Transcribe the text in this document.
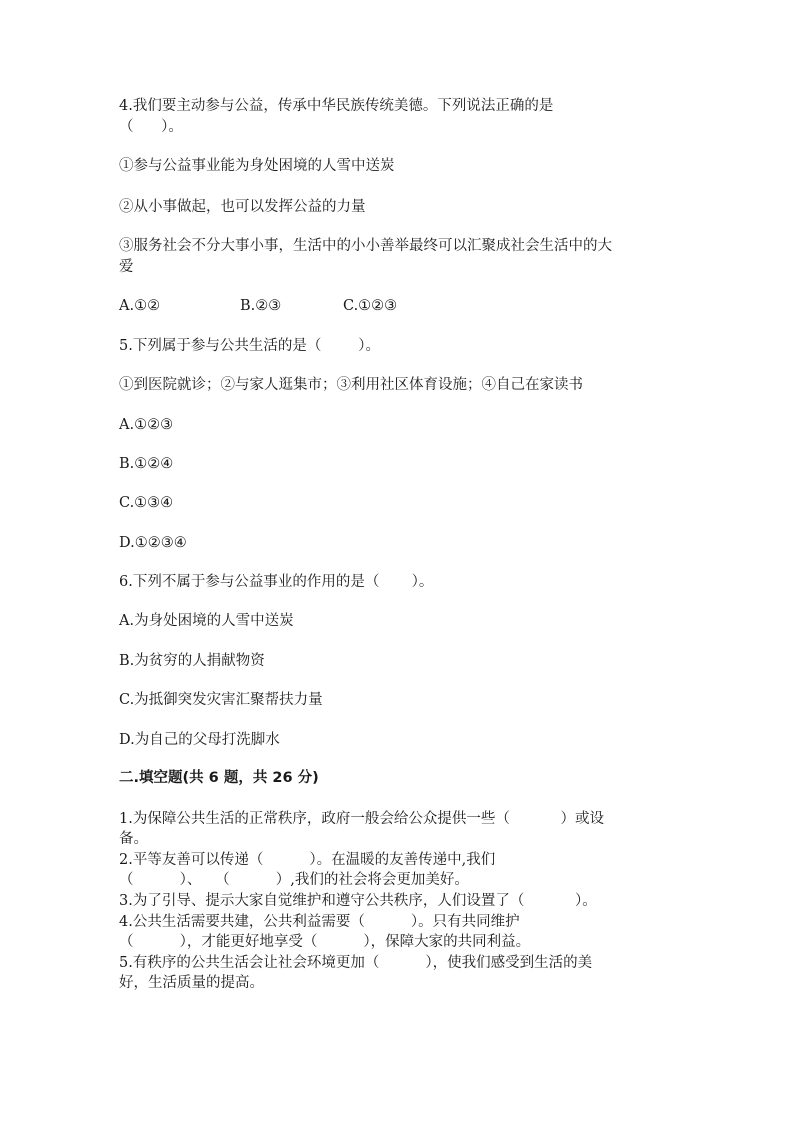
4.我们要主动参与公益，传承中华民族传统美德。下列说法正确的是
（      ）。
①参与公益事业能为身处困境的人雪中送炭
②从小事做起，也可以发挥公益的力量
③服务社会不分大事小事，生活中的小小善举最终可以汇聚成社会生活中的大
爱

A.①②

	B.②③

	C.①②③

5.下列属于参与公共生活的是（        ）。
①到医院就诊；②与家人逛集市；③利用社区体育设施；④自己在家读书
A.①②③
B.①②④
C.①③④
D.①②③④
6.下列不属于参与公益事业的作用的是（       ）。
A.为身处困境的人雪中送炭
B.为贫穷的人捐献物资
C.为抵御突发灾害汇聚帮扶力量
D.为自己的父母打洗脚水
二.填空题(共 6 题，共 26 分)
1.为保障公共生活的正常秩序，政府一般会给公众提供一些（           ）或设
备。
2.平等友善可以传递（          ）。在温暖的友善传递中,我们
（          ）、   （          ）,我们的社会将会更加美好。
3.为了引导、提示大家自觉维护和遵守公共秩序，人们设置了（           ）。
4.公共生活需要共建，公共利益需要（          ）。只有共同维护
（          ），才能更好地享受（          ），保障大家的共同利益。
5.有秩序的公共生活会让社会环境更加（          ），使我们感受到生活的美
好，生活质量的提高。
